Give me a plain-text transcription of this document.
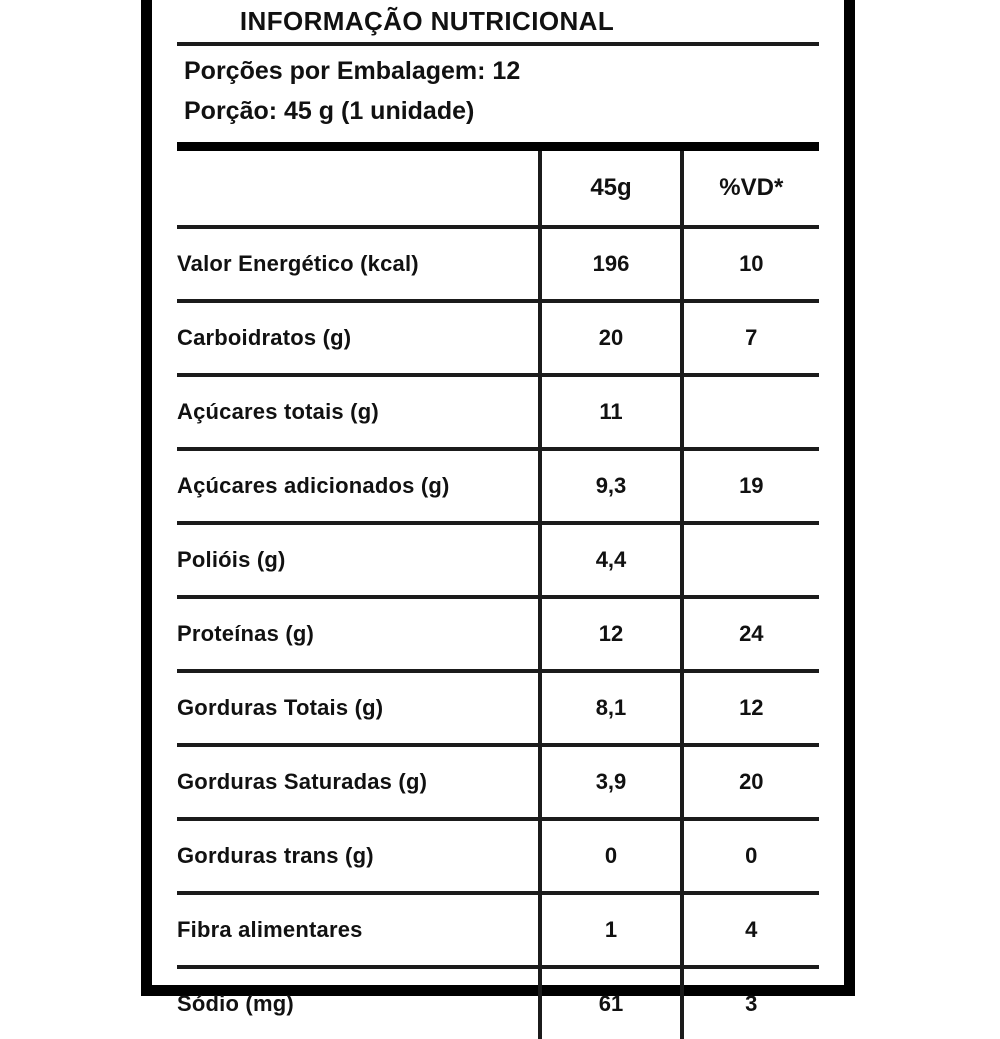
INFORMAÇÃO NUTRICIONAL
Porções por Embalagem: 12
Porção: 45 g (1 unidade)
	45g	%VD*
Valor Energético (kcal)	196	10
Carboidratos (g)	20	7
Açúcares totais (g)	11	
Açúcares adicionados (g)	9,3	19
Polióis (g)	4,4	
Proteínas (g)	12	24
Gorduras Totais (g)	8,1	12
Gorduras Saturadas (g)	3,9	20
Gorduras trans (g)	0	0
Fibra alimentares	1	4
Sódio (mg)	61	3
